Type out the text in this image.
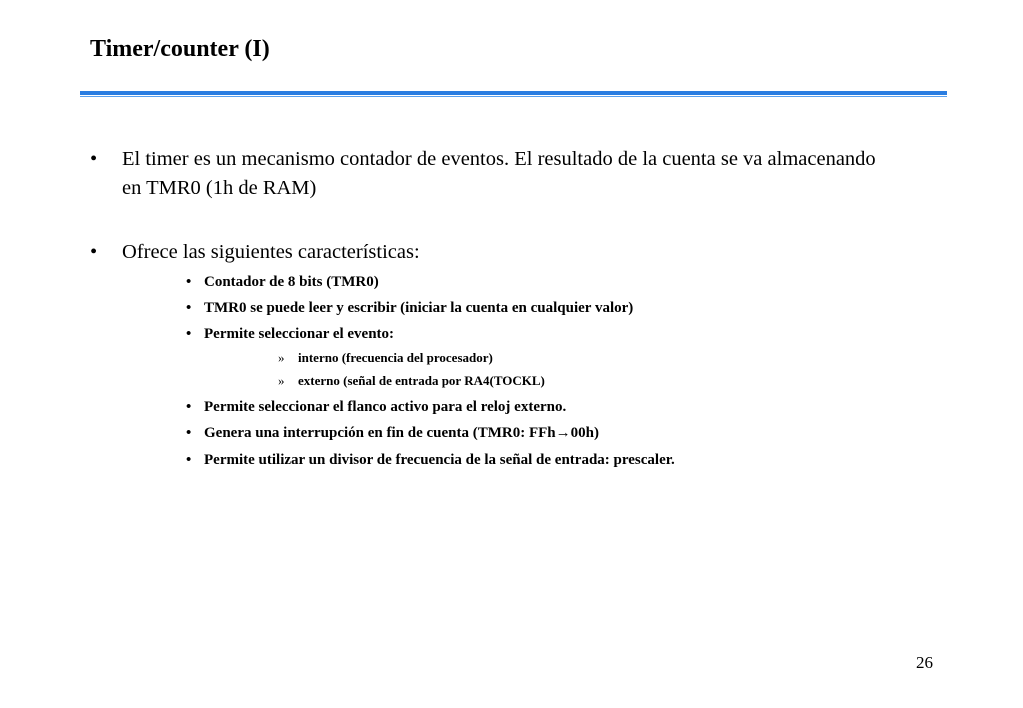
Timer/counter (I)
• El timer es un mecanismo contador de eventos. El resultado de la cuenta se va almacenando en TMR0 (1h de RAM)
• Ofrece las siguientes características:
• Contador de 8 bits (TMR0)
• TMR0 se puede leer y escribir (iniciar la cuenta en cualquier valor)
• Permite seleccionar el evento:
» interno (frecuencia del procesador)
» externo (señal de entrada por RA4(TOCKL)
• Permite seleccionar el flanco activo para el reloj externo.
• Genera una interrupción en fin de cuenta (TMR0: FFh→00h)
• Permite utilizar un divisor de frecuencia de la señal de entrada: prescaler.
26
